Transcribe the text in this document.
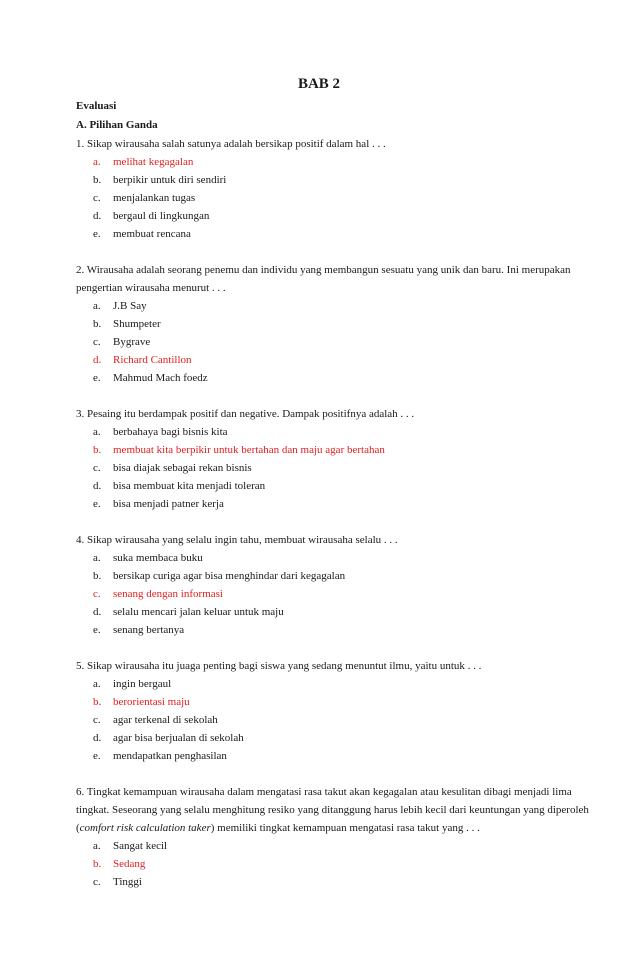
BAB 2
Evaluasi
A. Pilihan Ganda
1. Sikap wirausaha salah satunya adalah bersikap positif dalam hal . . .
a. melihat kegagalan
b. berpikir untuk diri sendiri
c. menjalankan tugas
d. bergaul di lingkungan
e. membuat rencana
2. Wirausaha adalah seorang penemu dan individu yang membangun sesuatu yang unik dan baru. Ini merupakan
pengertian wirausaha menurut . . .
a. J.B Say
b. Shumpeter
c. Bygrave
d. Richard Cantillon
e. Mahmud Mach foedz
3. Pesaing itu berdampak positif dan negative. Dampak positifnya adalah . . .
a. berbahaya bagi bisnis kita
b. membuat kita berpikir untuk bertahan dan maju agar bertahan
c. bisa diajak sebagai rekan bisnis
d. bisa membuat kita menjadi toleran
e. bisa menjadi patner kerja
4. Sikap wirausaha yang selalu ingin tahu, membuat wirausaha selalu . . .
a. suka membaca buku
b. bersikap curiga agar bisa menghindar dari kegagalan
c. senang dengan informasi
d. selalu mencari jalan keluar untuk maju
e. senang bertanya
5. Sikap wirausaha itu juaga penting bagi siswa yang sedang menuntut ilmu, yaitu untuk . . .
a. ingin bergaul
b. berorientasi maju
c. agar terkenal di sekolah
d. agar bisa berjualan di sekolah
e. mendapatkan penghasilan
6. Tingkat kemampuan wirausaha dalam mengatasi rasa takut akan kegagalan atau kesulitan dibagi menjadi lima
tingkat. Seseorang yang selalu menghitung resiko yang ditanggung harus lebih kecil dari keuntungan yang diperoleh
(comfort risk calculation taker) memiliki tingkat kemampuan mengatasi rasa takut yang . . .
a. Sangat kecil
b. Sedang
c. Tinggi
